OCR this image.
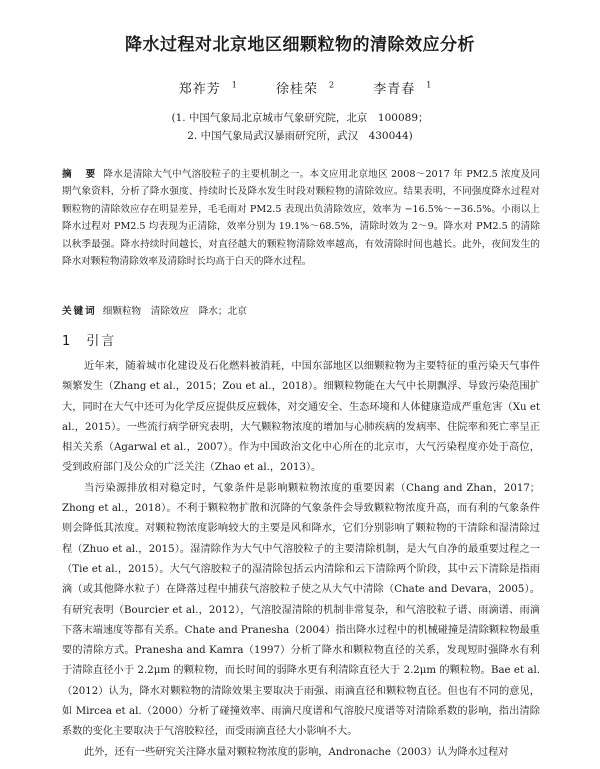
降水过程对北京地区细颗粒物的清除效应分析
郑祚芳 $^1$	徐桂荣 $^2$	李青春 $^1$
(1. 中国气象局北京城市气象研究院，北京　100089；
2. 中国气象局武汉暴雨研究所，武汉　430044)
摘　要 降水是清除大气中气溶胶粒子的主要机制之一。本文应用北京地区 2008～2017 年 PM2.5 浓度及同期气象资料，分析了降水强度、持续时长及降水发生时段对颗粒物的清除效应。结果表明，不同强度降水过程对颗粒物的清除效应存在明显差异，毛毛雨对 PM2.5 表现出负清除效应，效率为 −16.5%～−36.5%。小雨以上降水过程对 PM2.5 均表现为正清除，效率分别为 19.1%～68.5%，清除时效为 2～9。降水对 PM2.5 的清除以秋季最强。降水持续时间越长，对直径越大的颗粒物清除效率越高，有效清除时间也越长。此外，夜间发生的降水对颗粒物清除效率及清除时长均高于白天的降水过程。
关键词 细颗粒物　清除效应　降水；北京
1 引言

近年来，随着城市化建设及石化燃料被消耗，中国东部地区以细颗粒物为主要特征的重污染天气事件频繁发生（Zhang et al.，2015；Zou et al.，2018）。细颗粒物能在大气中长期飘浮、导致污染范围扩大，同时在大气中还可为化学反应提供反应载体，对交通安全、生态环境和人体健康造成严重危害（Xu et al.，2015）。一些流行病学研究表明，大气颗粒物浓度的增加与心肺疾病的发病率、住院率和死亡率呈正相关关系（Agarwal et al.，2007）。作为中国政治文化中心所在的北京市，大气污染程度亦处于高位，受到政府部门及公众的广泛关注（Zhao et al.，2013）。

当污染源排放相对稳定时，气象条件是影响颗粒物浓度的重要因素（Chang and Zhan，2017；Zhong et al.，2018）。不利于颗粒物扩散和沉降的气象条件会导致颗粒物浓度升高，而有利的气象条件则会降低其浓度。对颗粒物浓度影响较大的主要是风和降水，它们分别影响了颗粒物的干清除和湿清除过程（Zhuo et al.，2015）。湿清除作为大气中气溶胶粒子的主要清除机制，是大气自净的最重要过程之一（Tie et al.，2015）。大气气溶胶粒子的湿清除包括云内清除和云下清除两个阶段，其中云下清除是指雨滴（或其他降水粒子）在降落过程中捕获气溶胶粒子使之从大气中清除（Chate and Devara，2005）。有研究表明（Bourcier et al.，2012），气溶胶湿清除的机制非常复杂，和气溶胶粒子谱、雨滴谱、雨滴下落末端速度等都有关系。Chate and Pranesha（2004）指出降水过程中的机械碰撞是清除颗粒物最重要的清除方式。Pranesha and Kamra（1997）分析了降水和颗粒物直径的关系，发现短时强降水有利于清除直径小于 2.2μm 的颗粒物，而长时间的弱降水更有利清除直径大于 2.2μm 的颗粒物。Bae et al.（2012）认为，降水对颗粒物的清除效果主要取决于雨强、雨滴直径和颗粒物直径。但也有不同的意见，如 Mircea et al.（2000）分析了碰撞效率、雨滴尺度谱和气溶胶尺度谱等对清除系数的影响，指出清除系数的变化主要取决于气溶胶粒径，而受雨滴直径大小影响不大。

此外，还有一些研究关注降水量对颗粒物浓度的影响，Andronache（2003）认为降水过程对
